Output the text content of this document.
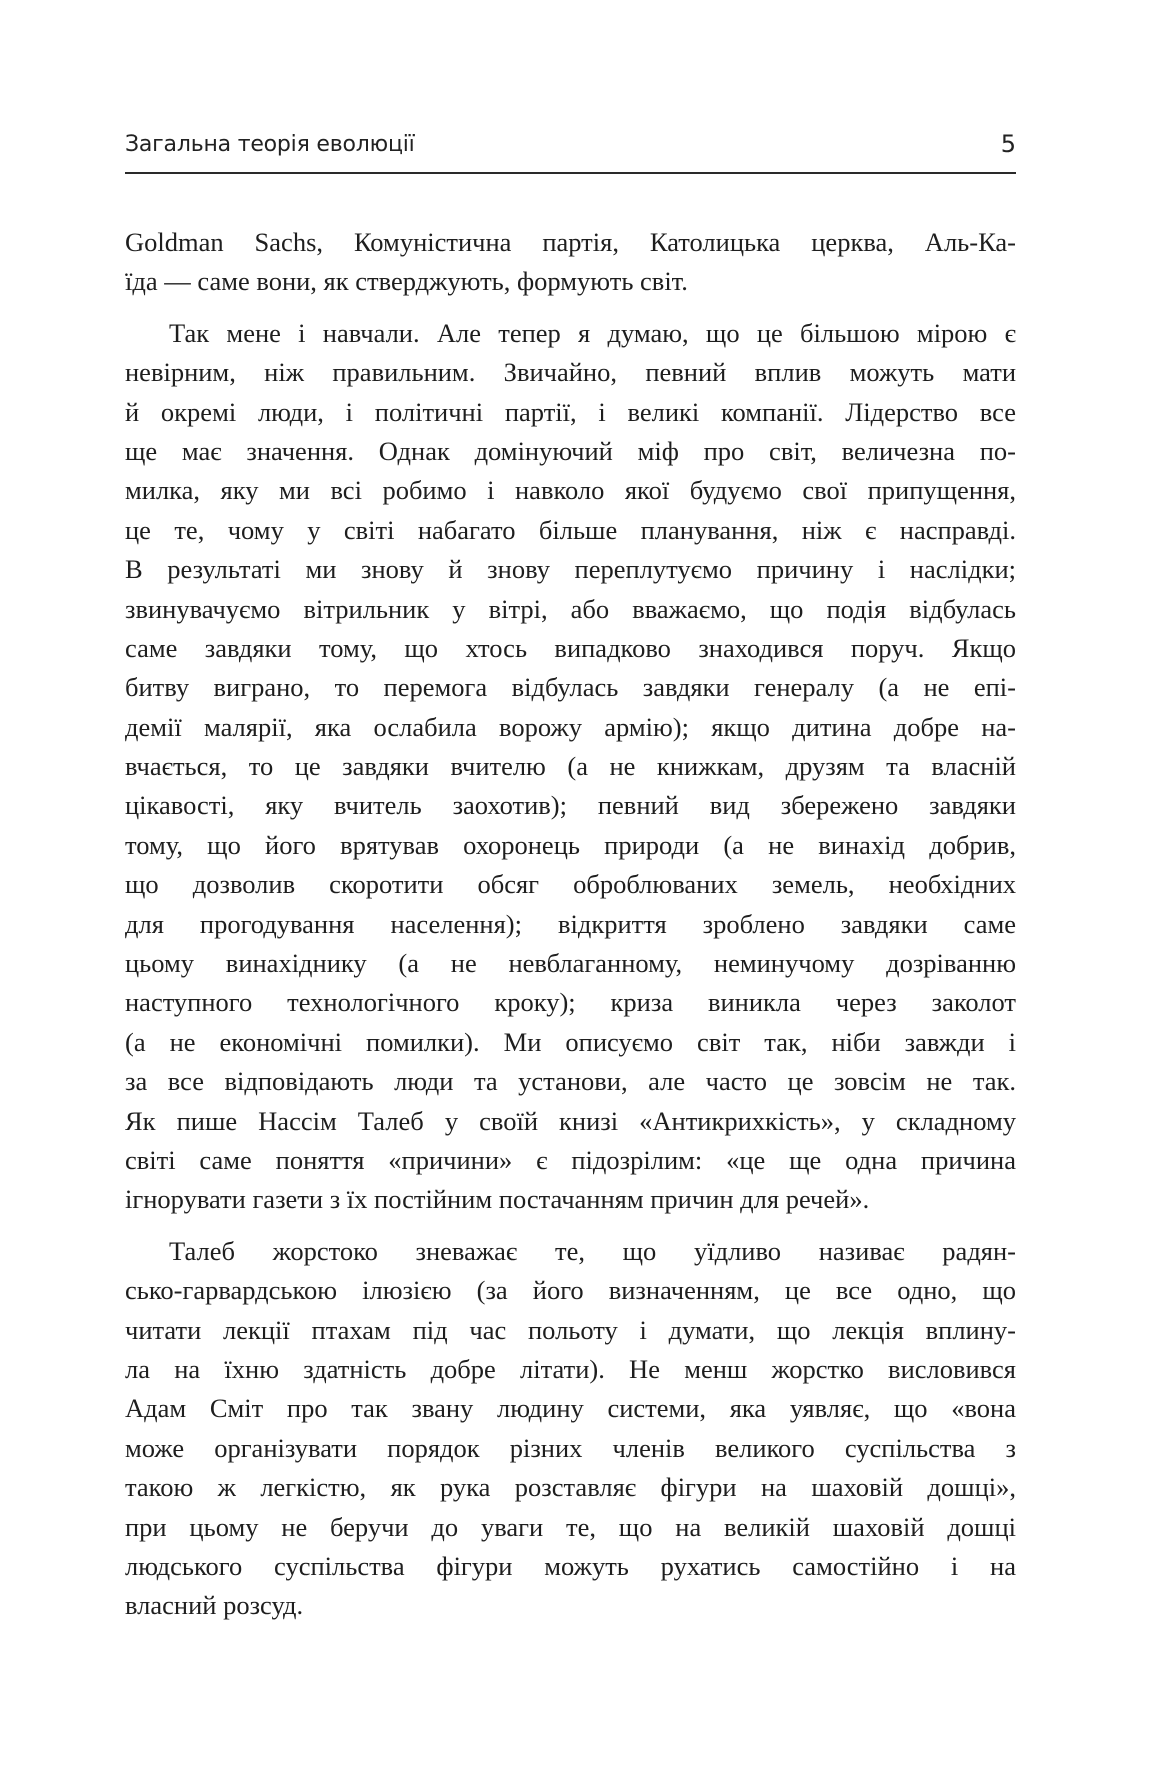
Загальна теорія еволюції	5
Goldman Sachs, Комуністична партія, Католицька церква, Аль-Ка-
їда — саме вони, як стверджують, формують світ.
Так мене і навчали. Але тепер я думаю, що це більшою мірою є
невірним, ніж правильним. Звичайно, певний вплив можуть мати
й окремі люди, і політичні партії, і великі компанії. Лідерство все
ще має значення. Однак домінуючий міф про світ, величезна по-
милка, яку ми всі робимо і навколо якої будуємо свої припущення,
це те, чому у світі набагато більше планування, ніж є насправді.
В результаті ми знову й знову переплутуємо причину і наслідки;
звинувачуємо вітрильник у вітрі, або вважаємо, що подія відбулась
саме завдяки тому, що хтось випадково знаходився поруч. Якщо
битву виграно, то перемога відбулась завдяки генералу (а не епі-
демії малярії, яка ослабила ворожу армію); якщо дитина добре на-
вчається, то це завдяки вчителю (а не книжкам, друзям та власній
цікавості, яку вчитель заохотив); певний вид збережено завдяки
тому, що його врятував охоронець природи (а не винахід добрив,
що дозволив скоротити обсяг оброблюваних земель, необхідних
для прогодування населення); відкриття зроблено завдяки саме
цьому винахіднику (а не невблаганному, неминучому дозріванню
наступного технологічного кроку); криза виникла через заколот
(а не економічні помилки). Ми описуємо світ так, ніби завжди і
за все відповідають люди та установи, але часто це зовсім не так.
Як пише Нассім Талеб у своїй книзі «Антикрихкість», у складному
світі саме поняття «причини» є підозрілим: «це ще одна причина
ігнорувати газети з їх постійним постачанням причин для речей».
Талеб жорстоко зневажає те, що уїдливо називає радян-
сько-гарвардською ілюзією (за його визначенням, це все одно, що
читати лекції птахам під час польоту і думати, що лекція вплину-
ла на їхню здатність добре літати). Не менш жорстко висловився
Адам Сміт про так звану людину системи, яка уявляє, що «вона
може організувати порядок різних членів великого суспільства з
такою ж легкістю, як рука розставляє фігури на шаховій дошці»,
при цьому не беручи до уваги те, що на великій шаховій дошці
людського суспільства фігури можуть рухатись самостійно і на
власний розсуд.
